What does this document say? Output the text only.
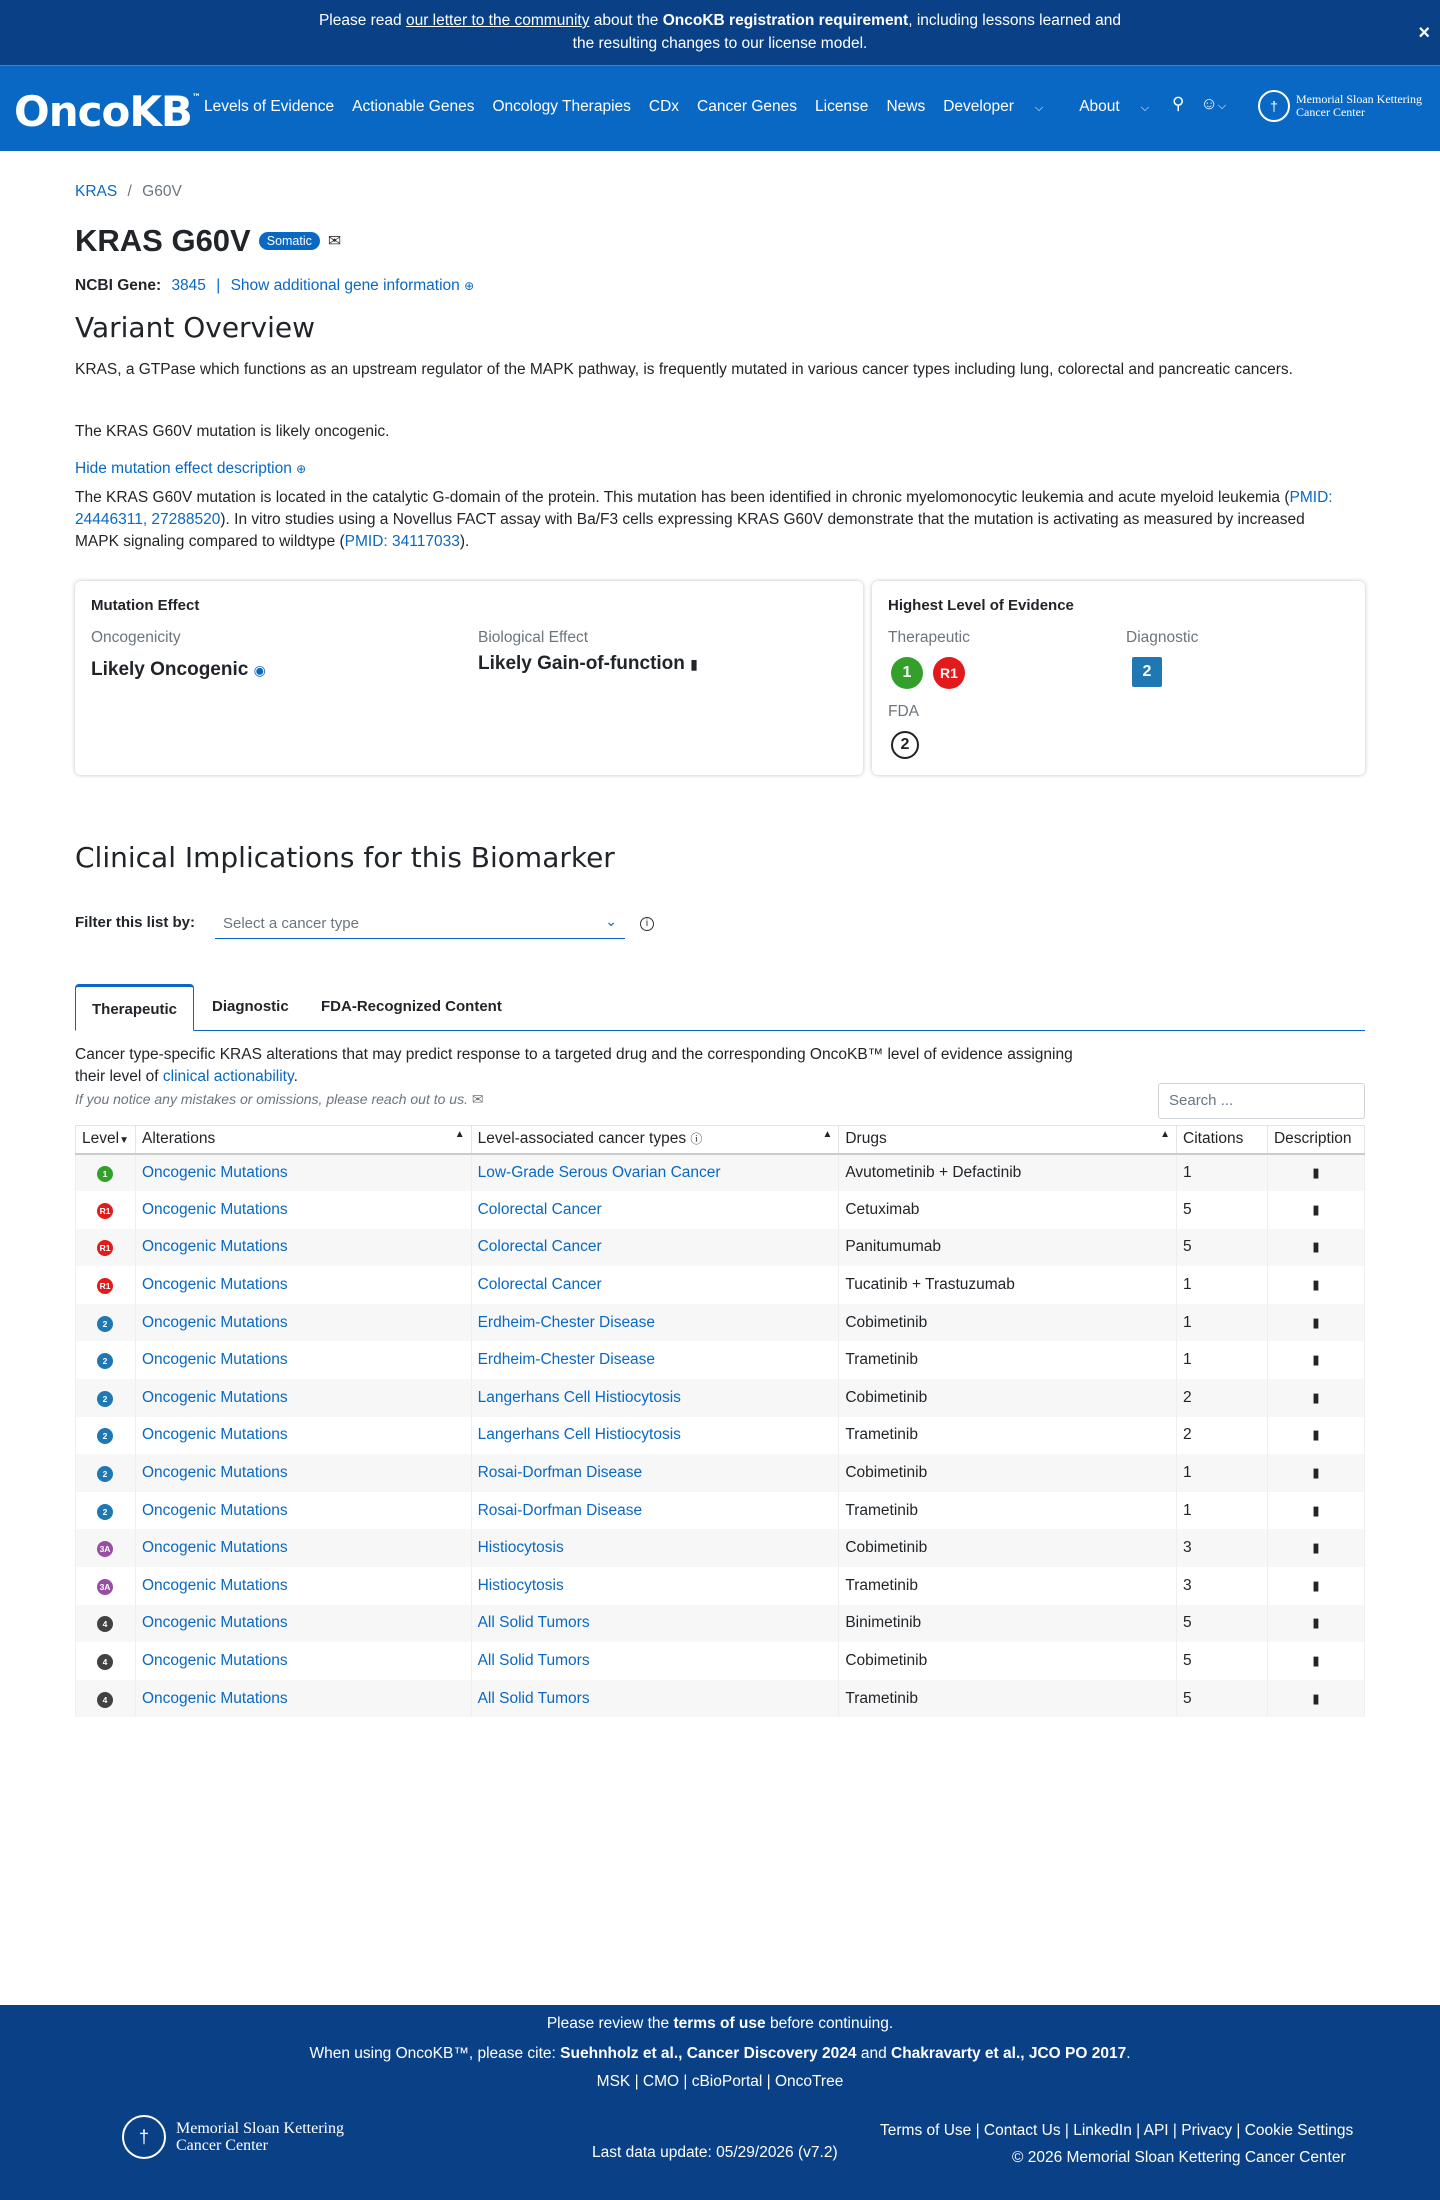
Please read our letter to the community about the OncoKB registration requirement, including lessons learned and
the resulting changes to our license model.	×
OncoKB™ Levels of Evidence Actionable Genes Oncology Therapies CDx Cancer Genes License News Developer ⌵	About ⌵	⚲ ☺⌵	†	Memorial Sloan Kettering
Cancer Center
KRAS / G60V
KRAS G60V	Somatic	✉
NCBI Gene: 3845 | Show additional gene information ⊕
Variant Overview
KRAS, a GTPase which functions as an upstream regulator of the MAPK pathway, is frequently mutated in various cancer types including lung, colorectal and pancreatic cancers.
The KRAS G60V mutation is likely oncogenic.
Hide mutation effect description ⊕
The KRAS G60V mutation is located in the catalytic G-domain of the protein. This mutation has been identified in chronic myelomonocytic leukemia and acute myeloid leukemia (PMID: 24446311, 27288520). In vitro studies using a Novellus FACT assay with Ba/F3 cells expressing KRAS G60V demonstrate that the mutation is activating as measured by increased MAPK signaling compared to wildtype (PMID: 34117033).
Mutation Effect
Oncogenicity
Likely Oncogenic ◉
Biological Effect
Likely Gain-of-function ▮
Highest Level of Evidence
Therapeutic
1	R1
Diagnostic
2
FDA
2
Clinical Implications for this Biomarker
Filter this list by:	Select a cancer type	⌄	i
Therapeutic	Diagnostic	FDA-Recognized Content
Cancer type-specific KRAS alterations that may predict response to a targeted drug and the corresponding OncoKB™ level of evidence assigning their level of clinical actionability.
If you notice any mistakes or omissions, please reach out to us. ✉	Search ...
Level▼	Alterations ▲	Level-associated cancer types ⓘ ▲	Drugs ▲	Citations	Description
1	Oncogenic Mutations	Low-Grade Serous Ovarian Cancer	Avutometinib + Defactinib	1	▮

R1	Oncogenic Mutations	Colorectal Cancer	Cetuximab	5	▮

R1	Oncogenic Mutations	Colorectal Cancer	Panitumumab	5	▮

R1	Oncogenic Mutations	Colorectal Cancer	Tucatinib + Trastuzumab	1	▮

2	Oncogenic Mutations	Erdheim-Chester Disease	Cobimetinib	1	▮

2	Oncogenic Mutations	Erdheim-Chester Disease	Trametinib	1	▮

2	Oncogenic Mutations	Langerhans Cell Histiocytosis	Cobimetinib	2	▮

2	Oncogenic Mutations	Langerhans Cell Histiocytosis	Trametinib	2	▮

2	Oncogenic Mutations	Rosai-Dorfman Disease	Cobimetinib	1	▮

2	Oncogenic Mutations	Rosai-Dorfman Disease	Trametinib	1	▮

3A	Oncogenic Mutations	Histiocytosis	Cobimetinib	3	▮

3A	Oncogenic Mutations	Histiocytosis	Trametinib	3	▮

4	Oncogenic Mutations	All Solid Tumors	Binimetinib	5	▮

4	Oncogenic Mutations	All Solid Tumors	Cobimetinib	5	▮

4	Oncogenic Mutations	All Solid Tumors	Trametinib	5	▮
Please review the terms of use before continuing.
When using OncoKB™, please cite: Suehnholz et al., Cancer Discovery 2024 and Chakravarty et al., JCO PO 2017.
MSK | CMO | cBioPortal | OncoTree
†	Memorial Sloan Kettering
Cancer Center	Last data update: 05/29/2026 (v7.2)
Terms of Use | Contact Us | LinkedIn | API | Privacy | Cookie Settings
© 2026 Memorial Sloan Kettering Cancer Center
